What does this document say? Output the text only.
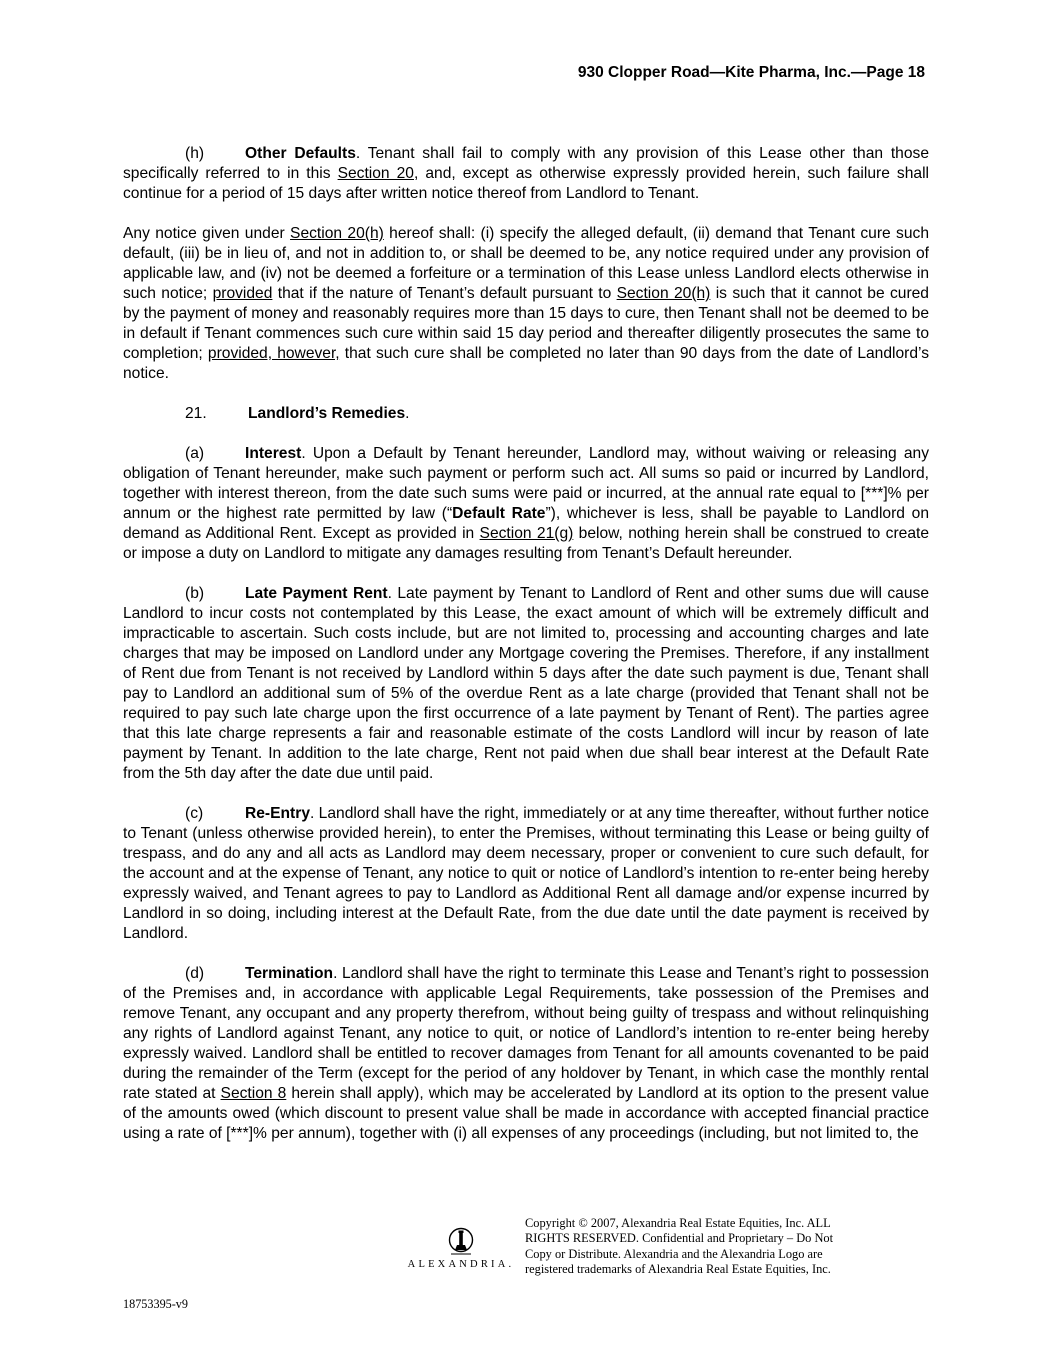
930 Clopper Road—Kite Pharma, Inc.—Page 18

(h)	Other Defaults. Tenant shall fail to comply with any provision of this Lease other than those specifically referred to in this Section 20, and, except as otherwise expressly provided herein, such failure shall continue for a period of 15 days after written notice thereof from Landlord to Tenant.

Any notice given under Section 20(h) hereof shall: (i) specify the alleged default, (ii) demand that Tenant cure such default, (iii) be in lieu of, and not in addition to, or shall be deemed to be, any notice required under any provision of applicable law, and (iv) not be deemed a forfeiture or a termination of this Lease unless Landlord elects otherwise in such notice; provided that if the nature of Tenant’s default pursuant to Section 20(h) is such that it cannot be cured by the payment of money and reasonably requires more than 15 days to cure, then Tenant shall not be deemed to be in default if Tenant commences such cure within said 15 day period and thereafter diligently prosecutes the same to completion; provided, however, that such cure shall be completed no later than 90 days from the date of Landlord’s notice.

21.	Landlord’s Remedies.

(a)	Interest. Upon a Default by Tenant hereunder, Landlord may, without waiving or releasing any obligation of Tenant hereunder, make such payment or perform such act. All sums so paid or incurred by Landlord, together with interest thereon, from the date such sums were paid or incurred, at the annual rate equal to [***]% per annum or the highest rate permitted by law (“Default Rate”), whichever is less, shall be payable to Landlord on demand as Additional Rent. Except as provided in Section 21(g) below, nothing herein shall be construed to create or impose a duty on Landlord to mitigate any damages resulting from Tenant’s Default hereunder.

(b)	Late Payment Rent. Late payment by Tenant to Landlord of Rent and other sums due will cause Landlord to incur costs not contemplated by this Lease, the exact amount of which will be extremely difficult and impracticable to ascertain. Such costs include, but are not limited to, processing and accounting charges and late charges that may be imposed on Landlord under any Mortgage covering the Premises. Therefore, if any installment of Rent due from Tenant is not received by Landlord within 5 days after the date such payment is due, Tenant shall pay to Landlord an additional sum of 5% of the overdue Rent as a late charge (provided that Tenant shall not be required to pay such late charge upon the first occurrence of a late payment by Tenant of Rent). The parties agree that this late charge represents a fair and reasonable estimate of the costs Landlord will incur by reason of late payment by Tenant. In addition to the late charge, Rent not paid when due shall bear interest at the Default Rate from the 5th day after the date due until paid.

(c)	Re-Entry. Landlord shall have the right, immediately or at any time thereafter, without further notice to Tenant (unless otherwise provided herein), to enter the Premises, without terminating this Lease or being guilty of trespass, and do any and all acts as Landlord may deem necessary, proper or convenient to cure such default, for the account and at the expense of Tenant, any notice to quit or notice of Landlord’s intention to re-enter being hereby expressly waived, and Tenant agrees to pay to Landlord as Additional Rent all damage and/or expense incurred by Landlord in so doing, including interest at the Default Rate, from the due date until the date payment is received by Landlord.

(d)	Termination. Landlord shall have the right to terminate this Lease and Tenant’s right to possession of the Premises and, in accordance with applicable Legal Requirements, take possession of the Premises and remove Tenant, any occupant and any property therefrom, without being guilty of trespass and without relinquishing any rights of Landlord against Tenant, any notice to quit, or notice of Landlord’s intention to re-enter being hereby expressly waived. Landlord shall be entitled to recover damages from Tenant for all amounts covenanted to be paid during the remainder of the Term (except for the period of any holdover by Tenant, in which case the monthly rental rate stated at Section 8 herein shall apply), which may be accelerated by Landlord at its option to the present value of the amounts owed (which discount to present value shall be made in accordance with accepted financial practice using a rate of [***]% per annum), together with (i) all expenses of any proceedings (including, but not limited to, the

ALEXANDRIA.
Copyright © 2007, Alexandria Real Estate Equities, Inc. ALL
RIGHTS RESERVED. Confidential and Proprietary – Do Not
Copy or Distribute. Alexandria and the Alexandria Logo are
registered trademarks of Alexandria Real Estate Equities, Inc.
18753395-v9
